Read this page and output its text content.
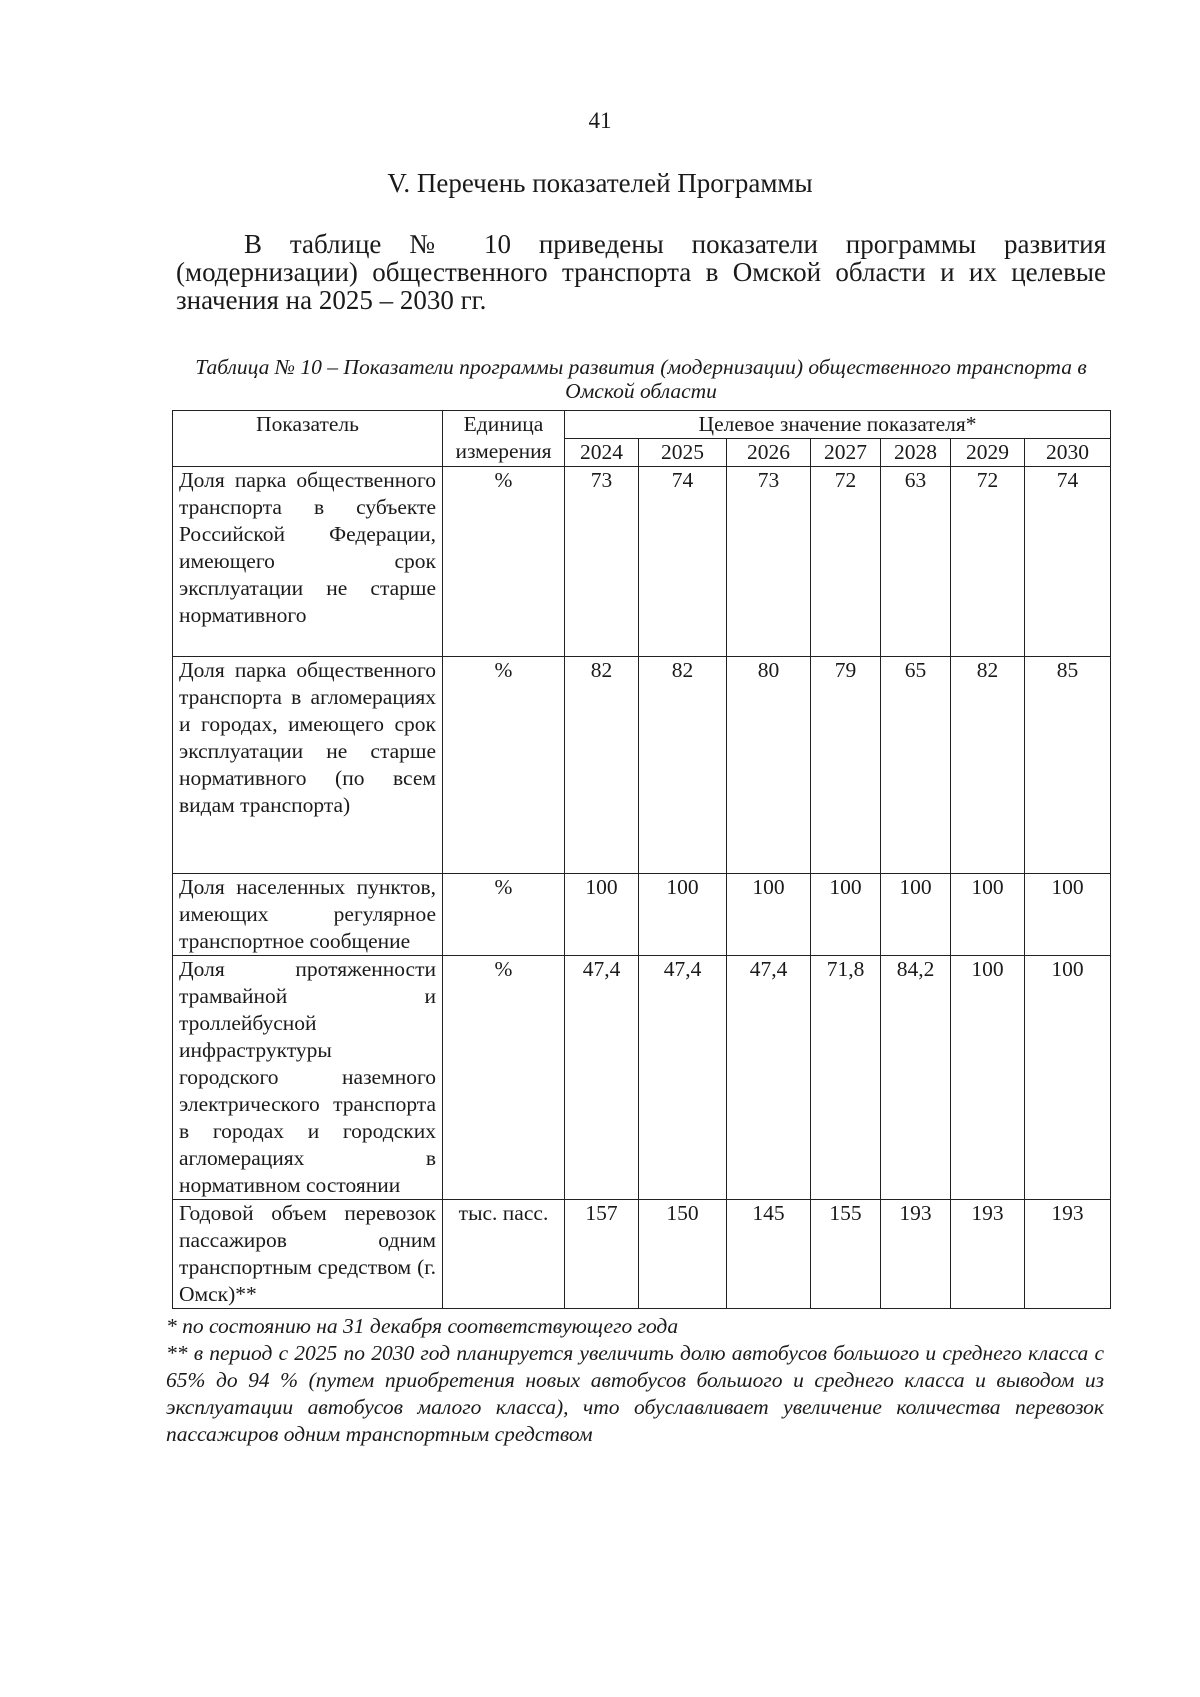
41
V. Перечень показателей Программы

В таблице № 10 приведены показатели программы развития (модернизации) общественного транспорта в Омской области и их целевые значения на 2025 – 2030 гг.

Таблица № 10 – Показатели программы развития (модернизации) общественного транспорта в Омской области
Показатель	Единица измерения	Целевое значение показателя*						
		2024	2025	2026	2027	2028	2029	2030
Доля парка общественного транспорта в субъекте Российской Федерации, имеющего срок эксплуатации не старше нормативного	%	73	74	73	72	63	72	74
Доля парка общественного транспорта в агломерациях и городах, имеющего срок эксплуатации не старше нормативного (по всем видам транспорта)	%	82	82	80	79	65	82	85
Доля населенных пунктов, имеющих регулярное транспортное сообщение	%	100	100	100	100	100	100	100
Доля протяженности трамвайной и троллейбусной инфраструктуры городского наземного электрического транспорта в городах и городских агломерациях в нормативном состоянии	%	47,4	47,4	47,4	71,8	84,2	100	100
Годовой объем перевозок пассажиров одним транспортным средством (г. Омск)**	тыс. пасс.	157	150	145	155	193	193	193

* по состоянию на 31 декабря соответствующего года

** в период с 2025 по 2030 год планируется увеличить долю автобусов большого и среднего класса с 65% до 94 % (путем приобретения новых автобусов большого и среднего класса и выводом из эксплуатации автобусов малого класса), что обуславливает увеличение количества перевозок пассажиров одним транспортным средством
